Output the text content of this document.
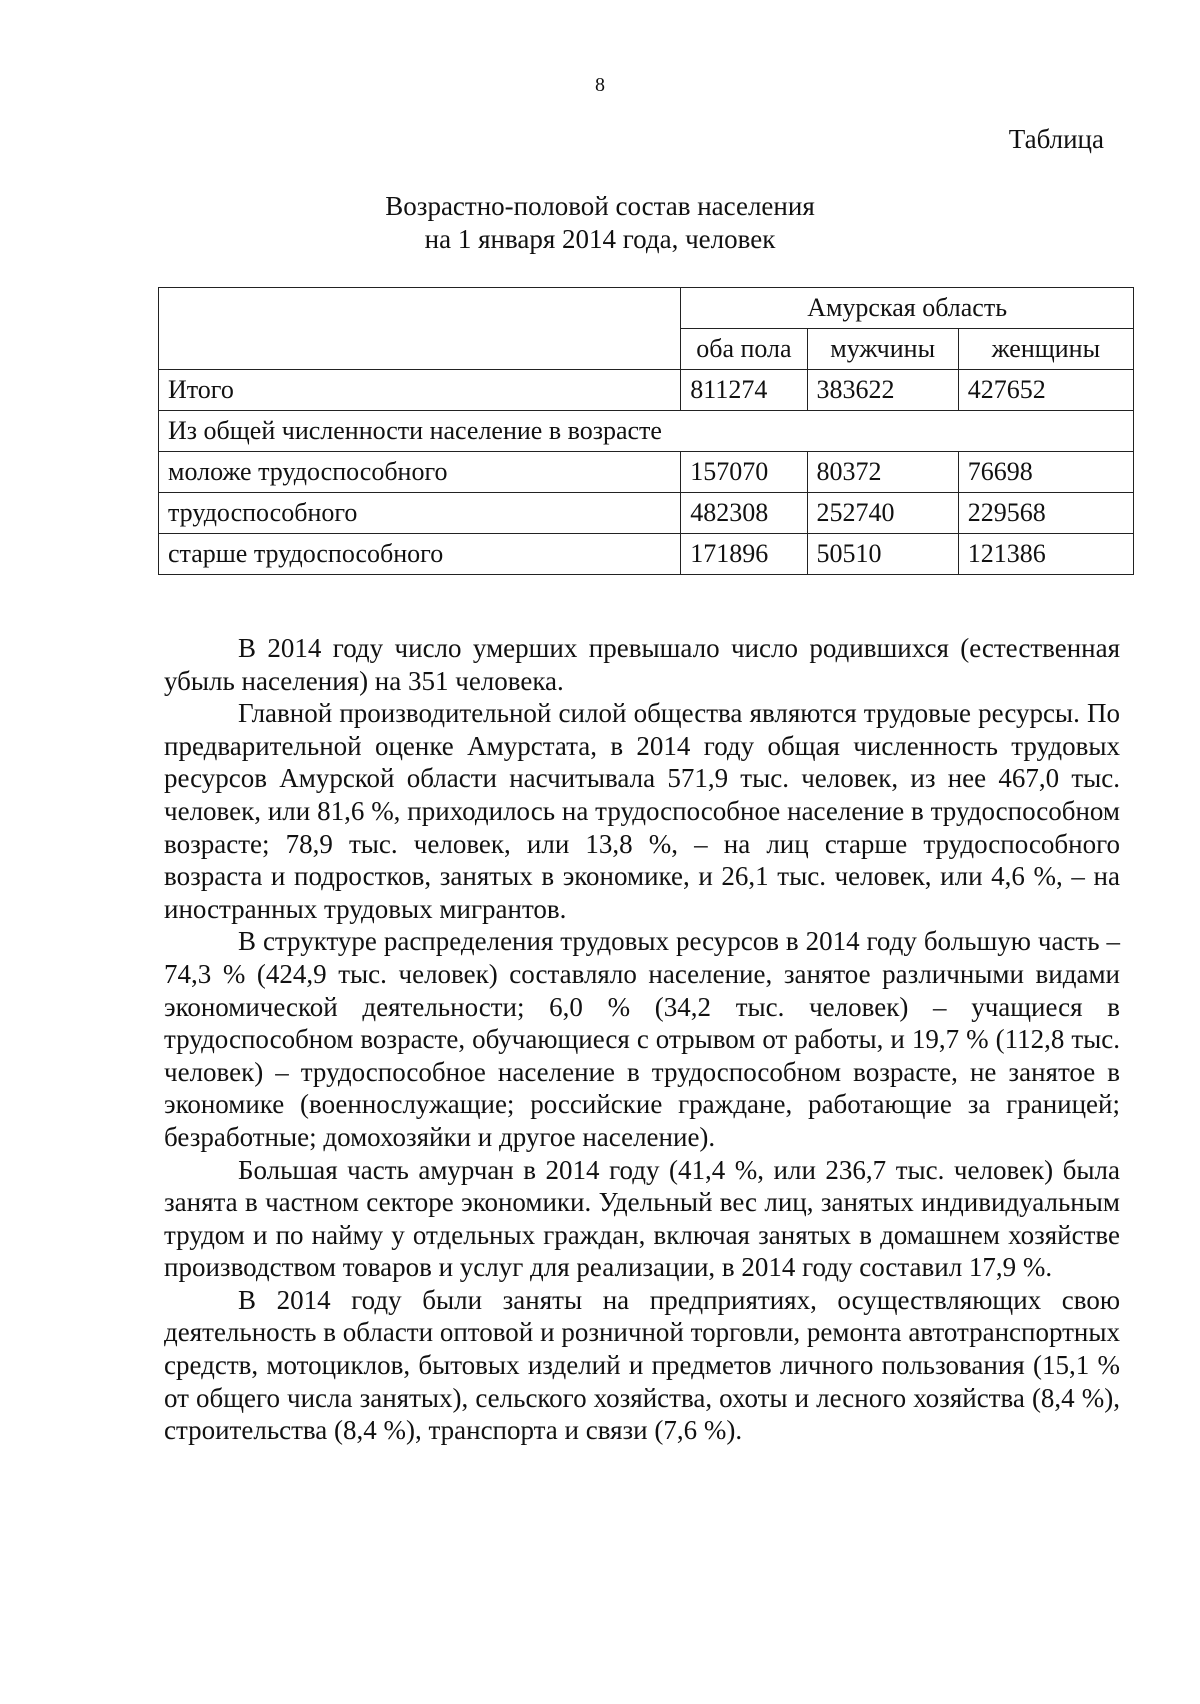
8
Таблица
Возрастно-половой состав населения
на 1 января 2014 года, человек
	Амурская область		
	оба пола	мужчины	женщины
Итого	811274	383622	427652
Из общей численности население в возрасте			
моложе трудоспособного	157070	80372	76698
трудоспособного	482308	252740	229568
старше трудоспособного	171896	50510	121386

В 2014 году число умерших превышало число родившихся (естественная убыль населения) на 351 человека.

Главной производительной силой общества являются трудовые ресурсы. По предварительной оценке Амурстата, в 2014 году общая численность трудовых ресурсов Амурской области насчитывала 571,9 тыс. человек, из нее 467,0 тыс. человек, или 81,6 %, приходилось на трудоспособное население в трудоспособном возрасте; 78,9 тыс. человек, или 13,8 %, – на лиц старше трудоспособного возраста и подростков, занятых в экономике, и 26,1 тыс. человек, или 4,6 %, – на иностранных трудовых мигрантов.

В структуре распределения трудовых ресурсов в 2014 году большую часть – 74,3 % (424,9 тыс. человек) составляло население, занятое различными видами экономической деятельности; 6,0 % (34,2 тыс. человек) – учащиеся в трудоспособном возрасте, обучающиеся с отрывом от работы, и 19,7 % (112,8 тыс. человек) – трудоспособное население в трудоспособном возрасте, не занятое в экономике (военнослужащие; российские граждане, работающие за границей; безработные; домохозяйки и другое население).

Большая часть амурчан в 2014 году (41,4 %, или 236,7 тыс. человек) была занята в частном секторе экономики. Удельный вес лиц, занятых индивидуальным трудом и по найму у отдельных граждан, включая занятых в домашнем хозяйстве производством товаров и услуг для реализации, в 2014 году составил 17,9 %.

В 2014 году были заняты на предприятиях, осуществляющих свою деятельность в области оптовой и розничной торговли, ремонта автотранспортных средств, мотоциклов, бытовых изделий и предметов личного пользования (15,1 % от общего числа занятых), сельского хозяйства, охоты и лесного хозяйства (8,4 %), строительства (8,4 %), транспорта и связи (7,6 %).
